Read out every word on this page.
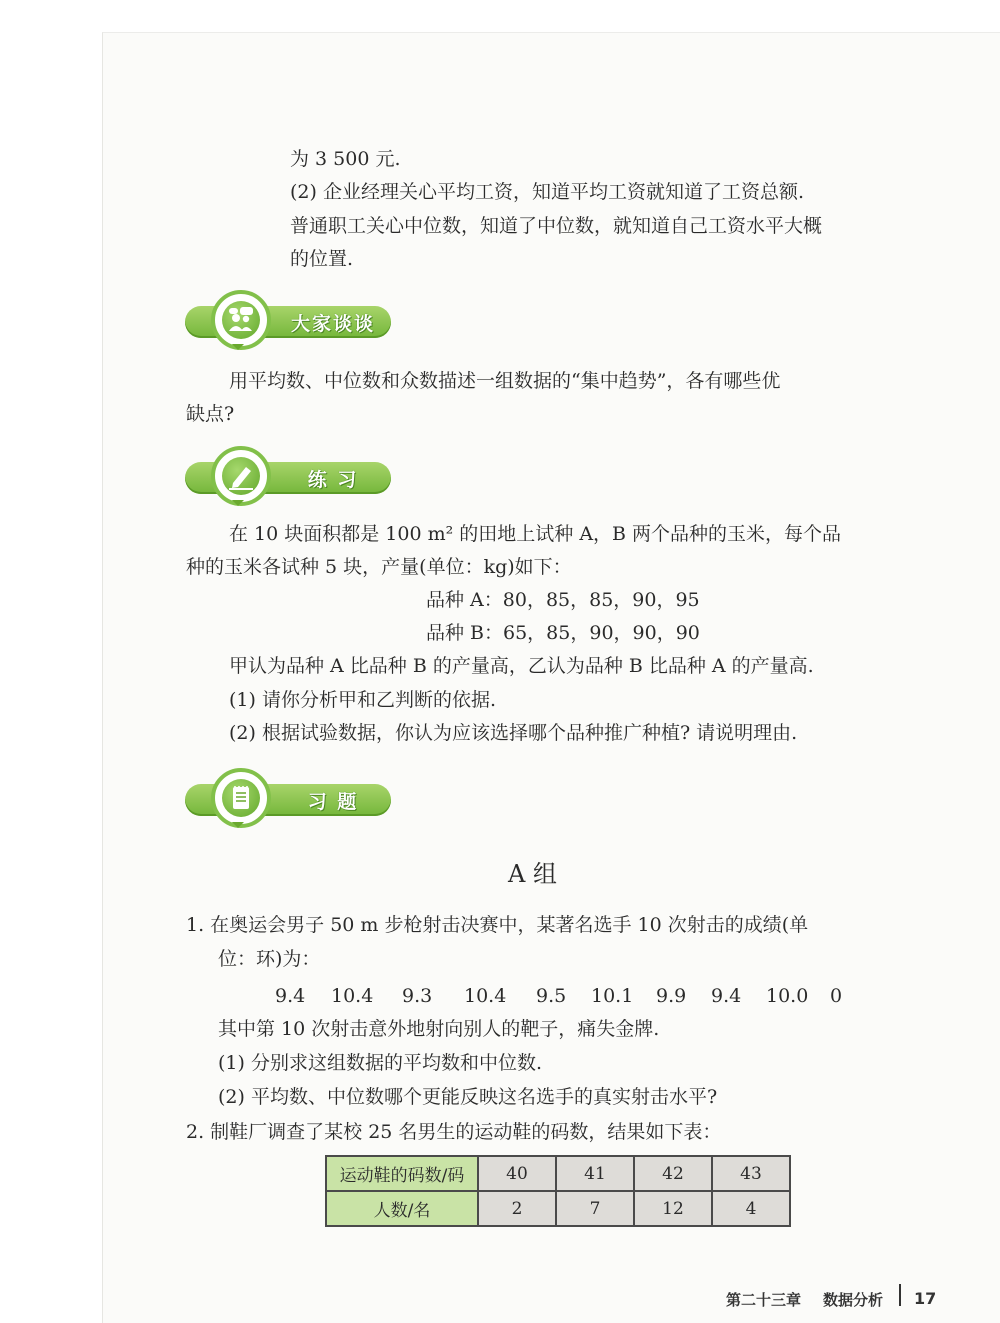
为 3 500 元.
(2) 企业经理关心平均工资，知道平均工资就知道了工资总额.
普通职工关心中位数，知道了中位数，就知道自己工资水平大概
的位置.
大家谈谈
用平均数、中位数和众数描述一组数据的“集中趋势”，各有哪些优
缺点?
练 习
在 10 块面积都是 100 m² 的田地上试种 A，B 两个品种的玉米，每个品
种的玉米各试种 5 块，产量(单位：kg)如下：
品种 A：80，85，85，90，95
品种 B：65，85，90，90，90
甲认为品种 A 比品种 B 的产量高，乙认为品种 B 比品种 A 的产量高.
(1) 请你分析甲和乙判断的依据.
(2) 根据试验数据，你认为应该选择哪个品种推广种植? 请说明理由.
习 题
A 组
1. 在奥运会男子 50 m 步枪射击决赛中，某著名选手 10 次射击的成绩(单
位：环)为：
9.4 10.4 9.3 10.4 9.5 10.1 9.9 9.4 10.0 0
其中第 10 次射击意外地射向别人的靶子，痛失金牌.
(1) 分别求这组数据的平均数和中位数.
(2) 平均数、中位数哪个更能反映这名选手的真实射击水平?
2. 制鞋厂调查了某校 25 名男生的运动鞋的码数，结果如下表：
运动鞋的码数/码	40	41	42	43
人数/名	2	7	12	4
第二十三章 数据分析 17
